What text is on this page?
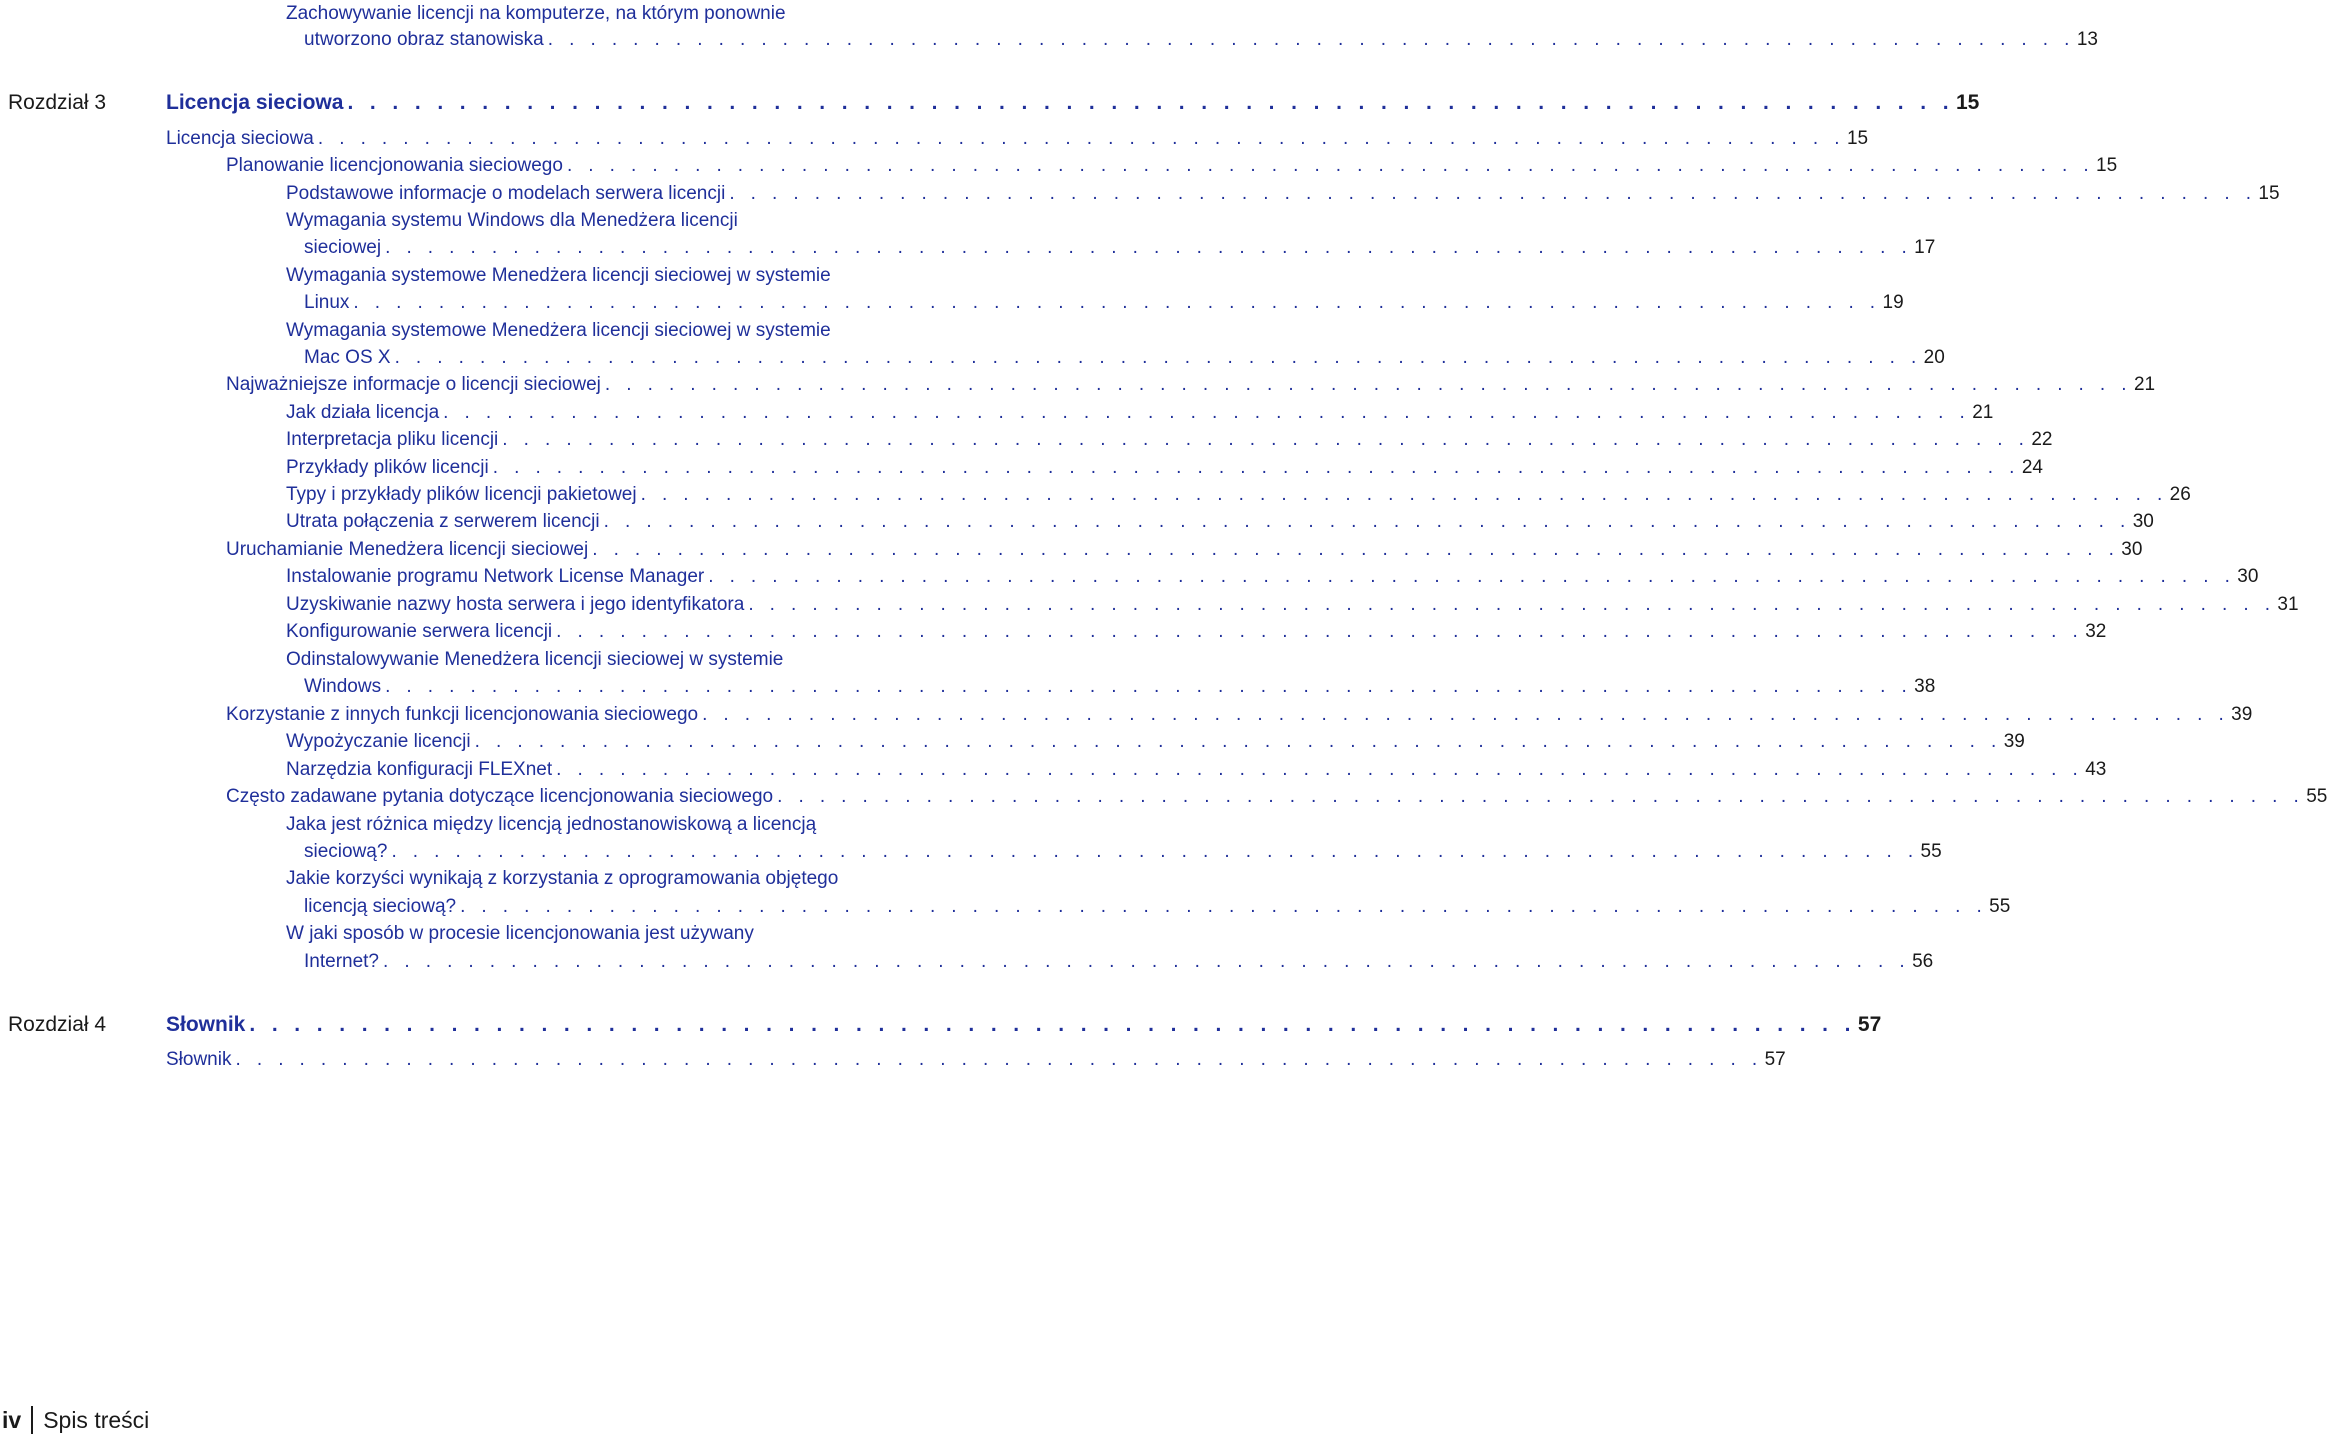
Zachowywanie licencji na komputerze, na którym ponownie
utworzono obraz stanowiska . . . . . . . . . . . . . . . . . . . . . . . . . . . . . . . . . . . . . . . . . . . . . . . . . . . . . . . . . . . . . . . . . . . . . . . . 13
Rozdział 3	Licencja sieciowa . . . . . . . . . . . . . . . . . . . . . . . . . . . . . . . . . . . . . . . . . . . . . . . . . . . . . . . . . . . . . . . . . . . . . . . . 15
Licencja sieciowa . . . . . . . . . . . . . . . . . . . . . . . . . . . . . . . . . . . . . . . . . . . . . . . . . . . . . . . . . . . . . . . . . . . . . . . . 15
Planowanie licencjonowania sieciowego . . . . . . . . . . . . . . . . . . . . . . . . . . . . . . . . . . . . . . . . . . . . . . . . . . . . . . . . . . . . . . . . . . . . . . . . 15
Podstawowe informacje o modelach serwera licencji . . . . . . . . . . . . . . . . . . . . . . . . . . . . . . . . . . . . . . . . . . . . . . . . . . . . . . . . . . . . . . . . . . . . . . . . 15
Wymagania systemu Windows dla Menedżera licencji
sieciowej . . . . . . . . . . . . . . . . . . . . . . . . . . . . . . . . . . . . . . . . . . . . . . . . . . . . . . . . . . . . . . . . . . . . . . . . 17
Wymagania systemowe Menedżera licencji sieciowej w systemie
Linux . . . . . . . . . . . . . . . . . . . . . . . . . . . . . . . . . . . . . . . . . . . . . . . . . . . . . . . . . . . . . . . . . . . . . . . . 19
Wymagania systemowe Menedżera licencji sieciowej w systemie
Mac OS X . . . . . . . . . . . . . . . . . . . . . . . . . . . . . . . . . . . . . . . . . . . . . . . . . . . . . . . . . . . . . . . . . . . . . . . . 20
Najważniejsze informacje o licencji sieciowej . . . . . . . . . . . . . . . . . . . . . . . . . . . . . . . . . . . . . . . . . . . . . . . . . . . . . . . . . . . . . . . . . . . . . . . . 21
Jak działa licencja . . . . . . . . . . . . . . . . . . . . . . . . . . . . . . . . . . . . . . . . . . . . . . . . . . . . . . . . . . . . . . . . . . . . . . . . 21
Interpretacja pliku licencji . . . . . . . . . . . . . . . . . . . . . . . . . . . . . . . . . . . . . . . . . . . . . . . . . . . . . . . . . . . . . . . . . . . . . . . . 22
Przykłady plików licencji . . . . . . . . . . . . . . . . . . . . . . . . . . . . . . . . . . . . . . . . . . . . . . . . . . . . . . . . . . . . . . . . . . . . . . . . 24
Typy i przykłady plików licencji pakietowej . . . . . . . . . . . . . . . . . . . . . . . . . . . . . . . . . . . . . . . . . . . . . . . . . . . . . . . . . . . . . . . . . . . . . . . . 26
Utrata połączenia z serwerem licencji . . . . . . . . . . . . . . . . . . . . . . . . . . . . . . . . . . . . . . . . . . . . . . . . . . . . . . . . . . . . . . . . . . . . . . . . 30
Uruchamianie Menedżera licencji sieciowej . . . . . . . . . . . . . . . . . . . . . . . . . . . . . . . . . . . . . . . . . . . . . . . . . . . . . . . . . . . . . . . . . . . . . . . . 30
Instalowanie programu Network License Manager . . . . . . . . . . . . . . . . . . . . . . . . . . . . . . . . . . . . . . . . . . . . . . . . . . . . . . . . . . . . . . . . . . . . . . . . 30
Uzyskiwanie nazwy hosta serwera i jego identyfikatora . . . . . . . . . . . . . . . . . . . . . . . . . . . . . . . . . . . . . . . . . . . . . . . . . . . . . . . . . . . . . . . . . . . . . . . . 31
Konfigurowanie serwera licencji . . . . . . . . . . . . . . . . . . . . . . . . . . . . . . . . . . . . . . . . . . . . . . . . . . . . . . . . . . . . . . . . . . . . . . . . 32
Odinstalowywanie Menedżera licencji sieciowej w systemie
Windows . . . . . . . . . . . . . . . . . . . . . . . . . . . . . . . . . . . . . . . . . . . . . . . . . . . . . . . . . . . . . . . . . . . . . . . . 38
Korzystanie z innych funkcji licencjonowania sieciowego . . . . . . . . . . . . . . . . . . . . . . . . . . . . . . . . . . . . . . . . . . . . . . . . . . . . . . . . . . . . . . . . . . . . . . . . 39
Wypożyczanie licencji . . . . . . . . . . . . . . . . . . . . . . . . . . . . . . . . . . . . . . . . . . . . . . . . . . . . . . . . . . . . . . . . . . . . . . . . 39
Narzędzia konfiguracji FLEXnet . . . . . . . . . . . . . . . . . . . . . . . . . . . . . . . . . . . . . . . . . . . . . . . . . . . . . . . . . . . . . . . . . . . . . . . . 43
Często zadawane pytania dotyczące licencjonowania sieciowego . . . . . . . . . . . . . . . . . . . . . . . . . . . . . . . . . . . . . . . . . . . . . . . . . . . . . . . . . . . . . . . . . . . . . . . . 55
Jaka jest różnica między licencją jednostanowiskową a licencją
sieciową? . . . . . . . . . . . . . . . . . . . . . . . . . . . . . . . . . . . . . . . . . . . . . . . . . . . . . . . . . . . . . . . . . . . . . . . . 55
Jakie korzyści wynikają z korzystania z oprogramowania objętego
licencją sieciową? . . . . . . . . . . . . . . . . . . . . . . . . . . . . . . . . . . . . . . . . . . . . . . . . . . . . . . . . . . . . . . . . . . . . . . . . 55
W jaki sposób w procesie licencjonowania jest używany
Internet? . . . . . . . . . . . . . . . . . . . . . . . . . . . . . . . . . . . . . . . . . . . . . . . . . . . . . . . . . . . . . . . . . . . . . . . . 56
Rozdział 4	Słownik . . . . . . . . . . . . . . . . . . . . . . . . . . . . . . . . . . . . . . . . . . . . . . . . . . . . . . . . . . . . . . . . . . . . . . . . 57
Słownik . . . . . . . . . . . . . . . . . . . . . . . . . . . . . . . . . . . . . . . . . . . . . . . . . . . . . . . . . . . . . . . . . . . . . . . . 57
iv Spis treści
